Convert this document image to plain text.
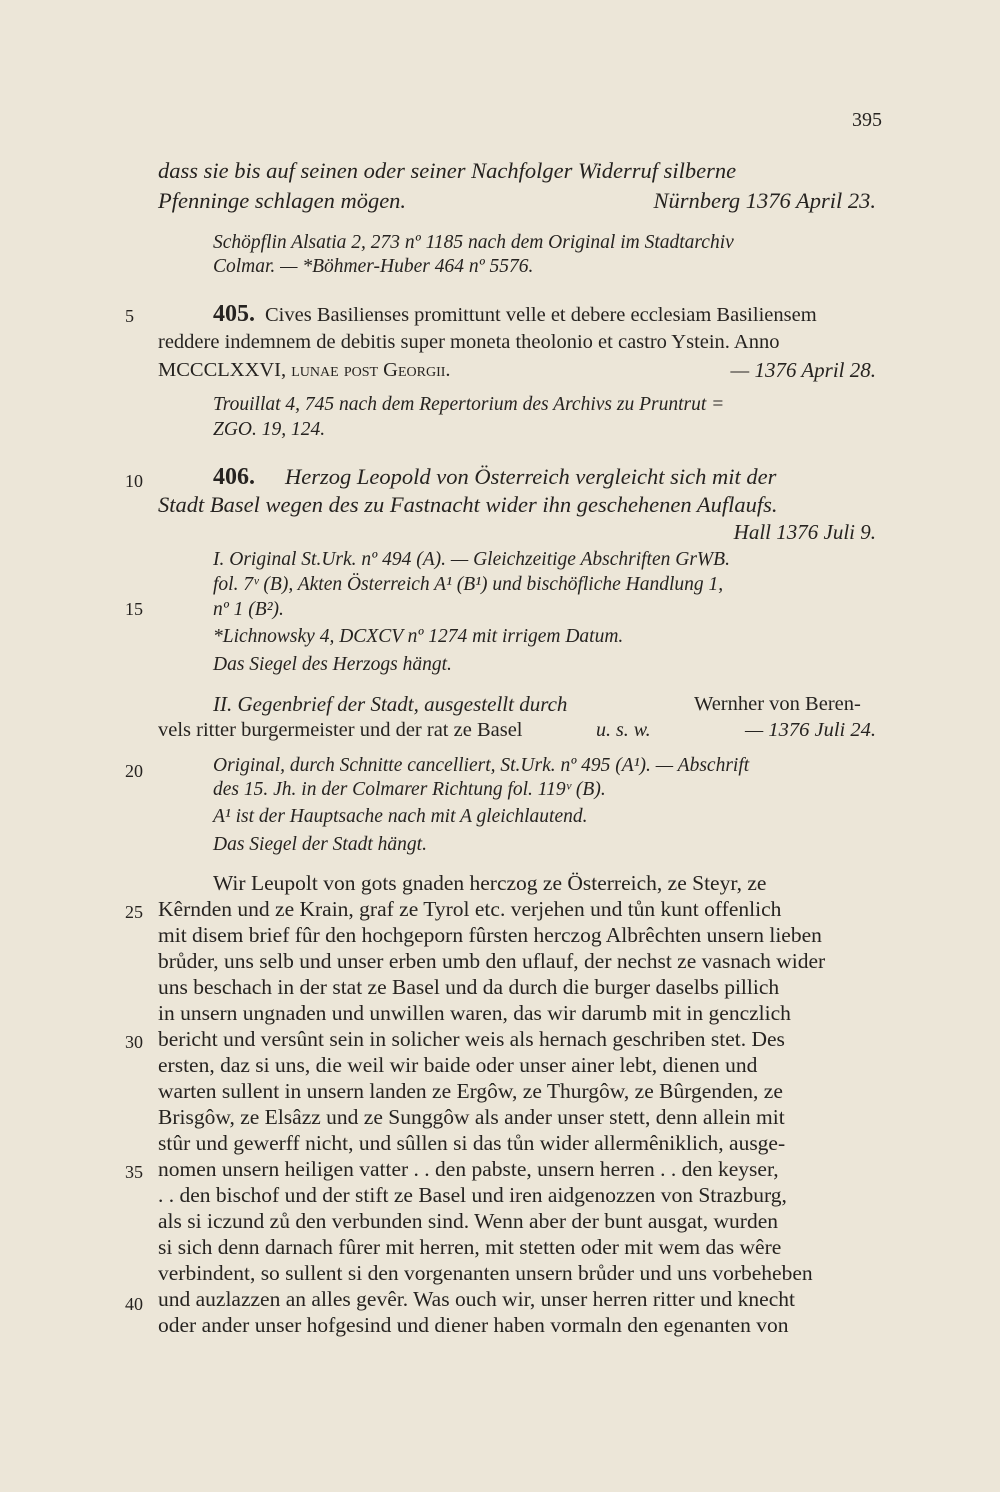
395
5
10
15
20
25
30
35
40
dass sie bis auf seinen oder seiner Nachfolger Widerruf silberne
Pfenninge schlagen mögen.	Nürnberg 1376 April 23.
Schöpflin Alsatia 2, 273 nº 1185 nach dem Original im Stadtarchiv
Colmar. — *Böhmer-Huber 464 nº 5576.
405. Cives Basilienses promittunt velle et debere ecclesiam Basiliensem
reddere indemnem de debitis super moneta theolonio et castro Ystein. Anno
MCCCLXXVI, lunae post Georgii.	— 1376 April 28.
Trouillat 4, 745 nach dem Repertorium des Archivs zu Pruntrut =
ZGO. 19, 124.
406. Herzog Leopold von Österreich vergleicht sich mit der
Stadt Basel wegen des zu Fastnacht wider ihn geschehenen Auflaufs.
Hall 1376 Juli 9.
I. Original St.Urk. nº 494 (A). — Gleichzeitige Abschriften GrWB.
fol. 7ᵛ (B), Akten Österreich A¹ (B¹) und bischöfliche Handlung 1,
nº 1 (B²).
*Lichnowsky 4, DCXCV nº 1274 mit irrigem Datum.
Das Siegel des Herzogs hängt.
II. Gegenbrief der Stadt, ausgestellt durch	Wernher von Beren-
vels ritter burgermeister und der rat ze Basel	u. s. w.	— 1376 Juli 24.
Original, durch Schnitte cancelliert, St.Urk. nº 495 (A¹). — Abschrift
des 15. Jh. in der Colmarer Richtung fol. 119ᵛ (B).
A¹ ist der Hauptsache nach mit A gleichlautend.
Das Siegel der Stadt hängt.
Wir Leupolt von gots gnaden herczog ze Österreich, ze Steyr, ze
Kêrnden und ze Krain, graf ze Tyrol etc. verjehen und tůn kunt offenlich
mit disem brief fûr den hochgeporn fûrsten herczog Albrêchten unsern lieben
brůder, uns selb und unser erben umb den uflauf, der nechst ze vasnach wider
uns beschach in der stat ze Basel und da durch die burger daselbs pillich
in unsern ungnaden und unwillen waren, das wir darumb mit in genczlich
bericht und versûnt sein in solicher weis als hernach geschriben stet. Des
ersten, daz si uns, die weil wir baide oder unser ainer lebt, dienen und
warten sullent in unsern landen ze Ergôw, ze Thurgôw, ze Bûrgenden, ze
Brisgôw, ze Elsâzz und ze Sunggôw als ander unser stett, denn allein mit
stûr und gewerff nicht, und sûllen si das tůn wider allermêniklich, ausge-
nomen unsern heiligen vatter . . den pabste, unsern herren . . den keyser,
. . den bischof und der stift ze Basel und iren aidgenozzen von Strazburg,
als si iczund zů den verbunden sind. Wenn aber der bunt ausgat, wurden
si sich denn darnach fûrer mit herren, mit stetten oder mit wem das wêre
verbindent, so sullent si den vorgenanten unsern brůder und uns vorbeheben
und auzlazzen an alles gevêr. Was ouch wir, unser herren ritter und knecht
oder ander unser hofgesind und diener haben vormaln den egenanten von
